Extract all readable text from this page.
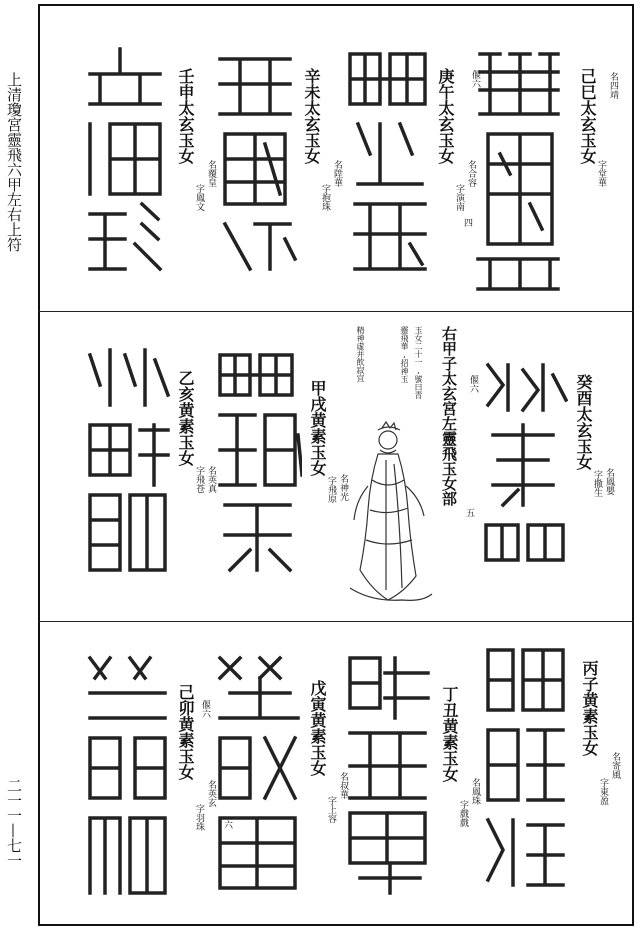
上清瓊宮靈飛六甲左右上符
二一一—七一
己巳太玄玉女 名四靖
字堂華
偃六
庚午太玄玉女
名合容
字演南
四
辛未太玄玉女
名陞華
字抱珠
壬申太玄玉女
名覆皇
字鳳文
癸酉太玄玉女
名鳳嬰
字撒生
偃六
右甲子太玄宮左靈飛玉女部
五
玉女二十一,號曰青
靈飛華,招神玉
精神虛并飲寂宜
甲戌黄素玉女
名神光
字飛原
乙亥黄素玉女
名英真
字飛苍
丙子黄素玉女
名寄風
字東盈
丁丑黄素玉女
名鳳珠
字戲戲
戊寅黄素玉女
名叔華
字上容
偃六
己卯黄素玉女
名英玄
字羽珠 六
